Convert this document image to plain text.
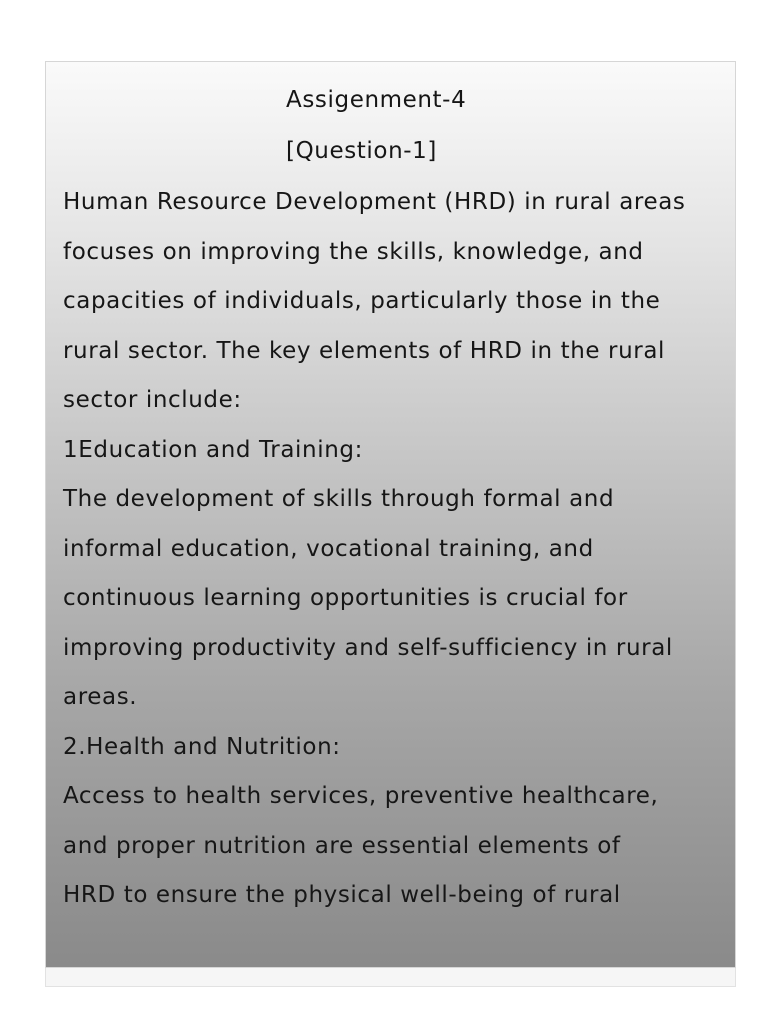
Assigenment-4
[Question-1]
Human Resource Development (HRD) in rural areas
focuses on improving the skills, knowledge, and
capacities of individuals, particularly those in the
rural sector. The key elements of HRD in the rural
sector include:
1Education and Training:
The development of skills through formal and
informal education, vocational training, and
continuous learning opportunities is crucial for
improving productivity and self-sufficiency in rural
areas.
2.Health and Nutrition:
Access to health services, preventive healthcare,
and proper nutrition are essential elements of
HRD to ensure the physical well-being of rural
